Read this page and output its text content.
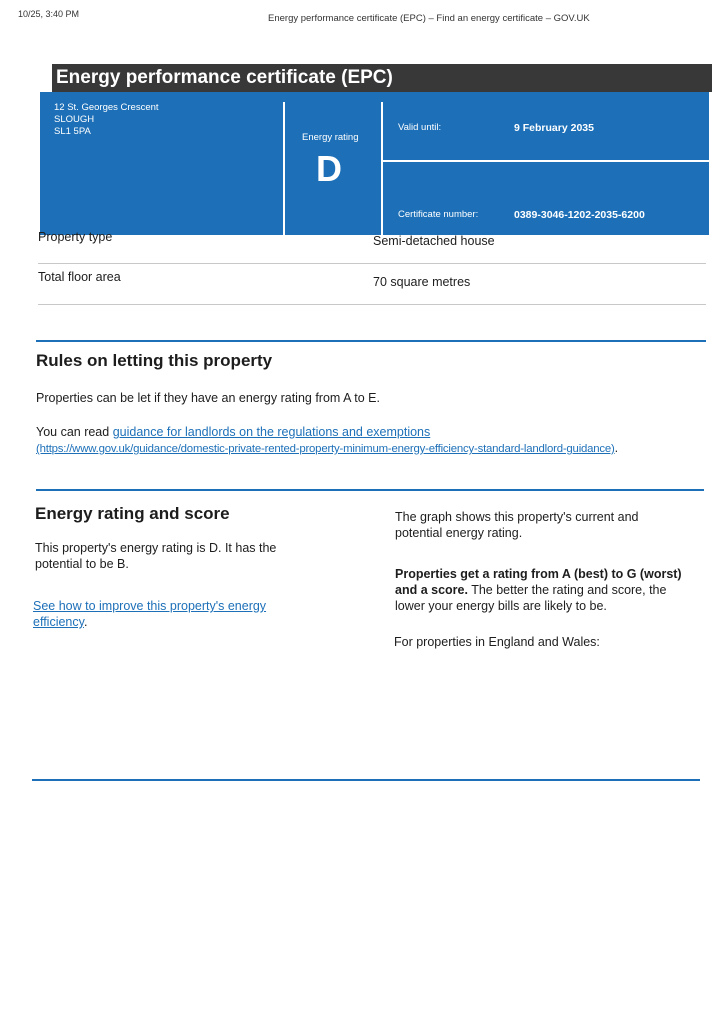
10/25, 3:40 PM	Energy performance certificate (EPC) – Find an energy certificate – GOV.UK
Energy performance certificate (EPC)
12 St. Georges Crescent
SLOUGH
SL1 5PA
Energy rating
D
Valid until:	9 February 2035
Certificate number:	0389-3046-1202-2035-6200
Property type	Semi-detached house
Total floor area	70 square metres
Rules on letting this property
Properties can be let if they have an energy rating from A to E.
You can read guidance for landlords on the regulations and exemptions
(https://www.gov.uk/guidance/domestic-private-rented-property-minimum-energy-efficiency-standard-landlord-guidance).
Energy rating and score
This property's energy rating is D. It has the potential to be B.
See how to improve this property's energy efficiency.
The graph shows this property's current and potential energy rating.
Properties get a rating from A (best) to G (worst) and a score. The better the rating and score, the lower your energy bills are likely to be.
For properties in England and Wales:
